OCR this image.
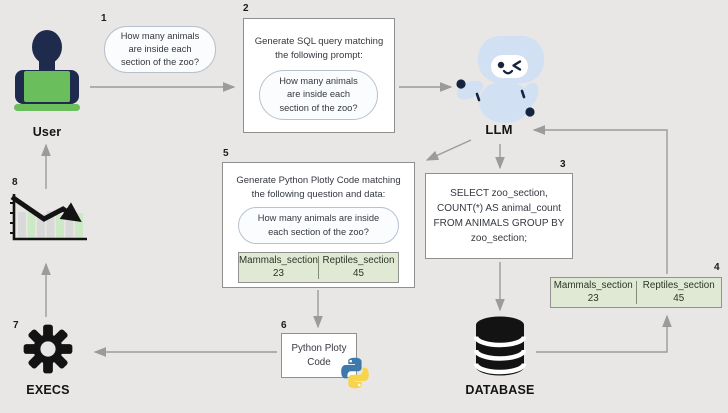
1
2
3
4
5
6
7
8
User
How many animals
are inside each
section of the zoo?
Generate SQL query matching
the following prompt:
How many animals
are inside each
section of the zoo?
LLM
SELECT zoo_section,
COUNT(*) AS animal_count
FROM ANIMALS GROUP BY
zoo_section;
Mammals_section
23
Reptiles_section
45
Generate Python Plotly Code matching
the following question and data:
How many animals are inside
each section of the zoo?
Mammals_section
23
Reptiles_section
45
Python Ploty
Code
EXECS	DATABASE
